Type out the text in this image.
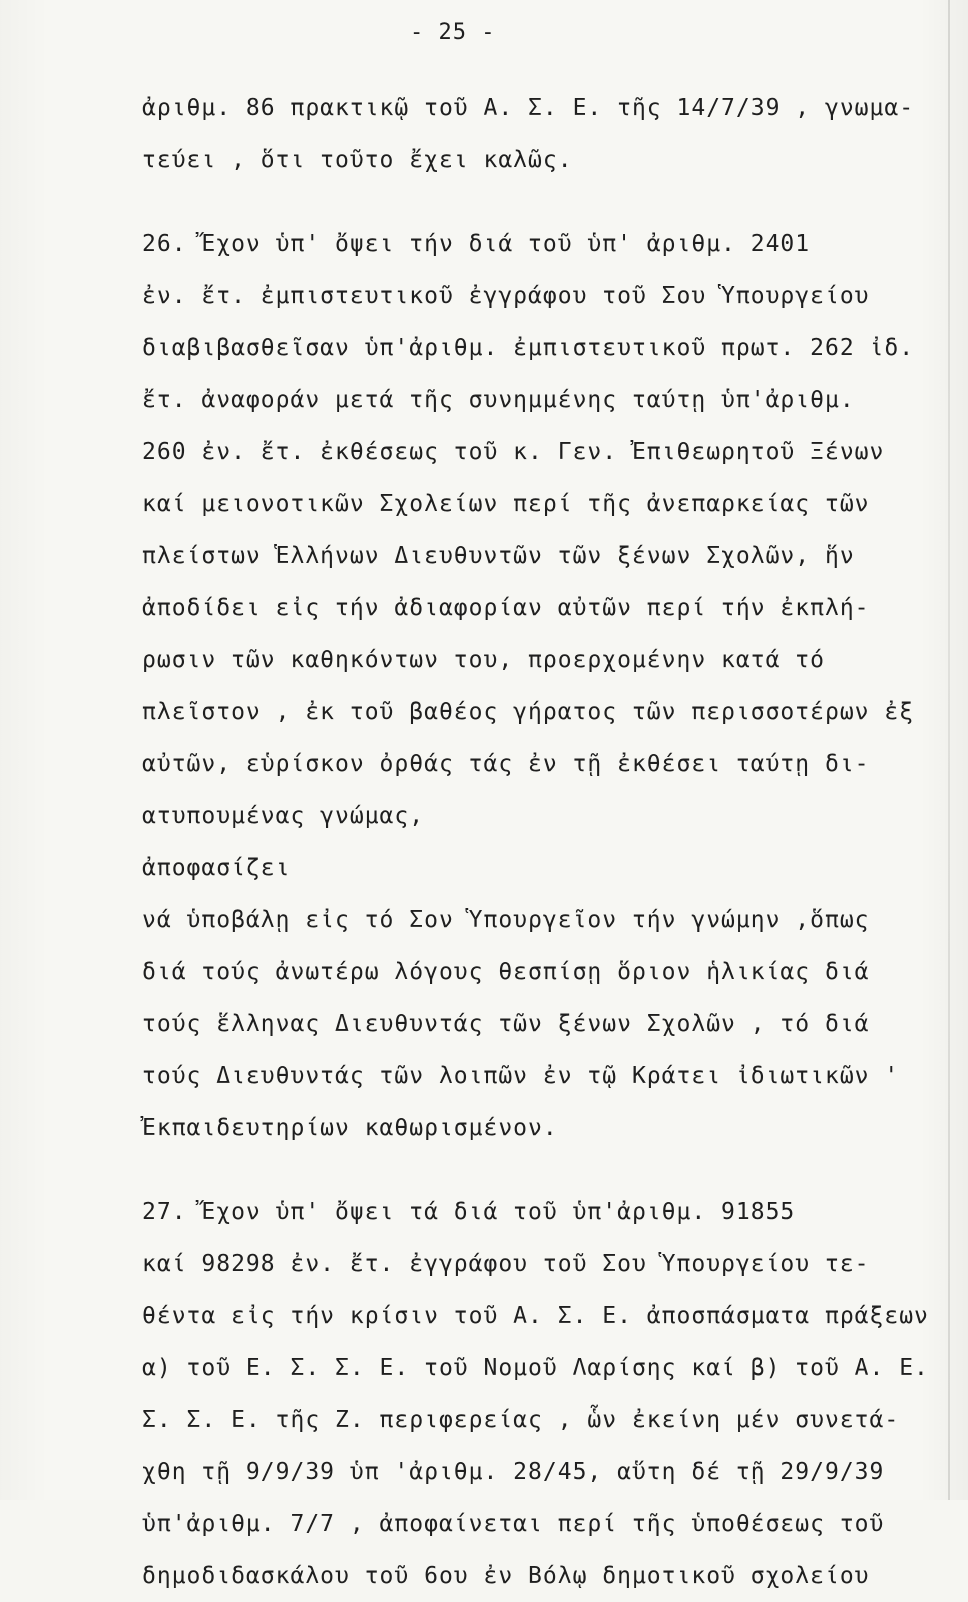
- 25 -
ἀριθμ. 86 πρακτικῷ τοῦ Α. Σ. Ε. τῆς 14/7/39 , γνωμα-
τεύει , ὅτι τοῦτο ἔχει καλῶς.
26. Ἔχον ὑπ' ὄψει τήν διά τοῦ ὑπ' ἀριθμ. 2401
ἐν. ἔτ. ἐμπιστευτικοῦ ἐγγράφου τοῦ Σου Ὑπουργείου
διαβιβασθεῖσαν ὑπ'ἀριθμ. ἐμπιστευτικοῦ πρωτ. 262 ἰδ.
ἔτ. ἀναφοράν μετά τῆς συνημμένης ταύτῃ ὑπ'ἀριθμ.
260 ἐν. ἔτ. ἐκθέσεως τοῦ κ. Γεν. Ἐπιθεωρητοῦ Ξένων
καί μειονοτικῶν Σχολείων περί τῆς ἀνεπαρκείας τῶν
πλείστων Ἑλλήνων Διευθυντῶν τῶν ξένων Σχολῶν, ἥν
ἀποδίδει εἰς τήν ἀδιαφορίαν αὐτῶν περί τήν ἐκπλή-
ρωσιν τῶν καθηκόντων του, προερχομένην κατά τό
πλεῖστον , ἐκ τοῦ βαθέος γήρατος τῶν περισσοτέρων ἐξ
αὐτῶν, εὑρίσκον ὀρθάς τάς ἐν τῇ ἐκθέσει ταύτῃ δι-
ατυπουμένας γνώμας,
ἀποφασίζει
νά ὑποβάλῃ εἰς τό Σον Ὑπουργεῖον τήν γνώμην ,ὅπως
διά τούς ἀνωτέρω λόγους θεσπίσῃ ὅριον ἡλικίας διά
τούς ἕλληνας Διευθυντάς τῶν ξένων Σχολῶν , τό διά
τούς Διευθυντάς τῶν λοιπῶν ἐν τῷ Κράτει ἰδιωτικῶν '
Ἐκπαιδευτηρίων καθωρισμένον.
27. Ἔχον ὑπ' ὄψει τά διά τοῦ ὑπ'ἀριθμ. 91855
καί 98298 ἐν. ἔτ. ἐγγράφου τοῦ Σου Ὑπουργείου τε-
θέντα εἰς τήν κρίσιν τοῦ Α. Σ. Ε. ἀποσπάσματα πράξεων
α) τοῦ Ε. Σ. Σ. Ε. τοῦ Νομοῦ Λαρίσης καί β) τοῦ Α. Ε.
Σ. Σ. Ε. τῆς Ζ. περιφερείας , ὧν ἐκείνη μέν συνετά-
χθη τῇ 9/9/39 ὑπ 'ἀριθμ. 28/45, αὕτη δέ τῇ 29/9/39
ὑπ'ἀριθμ. 7/7 , ἀποφαίνεται περί τῆς ὑποθέσεως τοῦ
δημοδιδασκάλου τοῦ 6ου ἐν Βόλῳ δημοτικοῦ σχολείου
